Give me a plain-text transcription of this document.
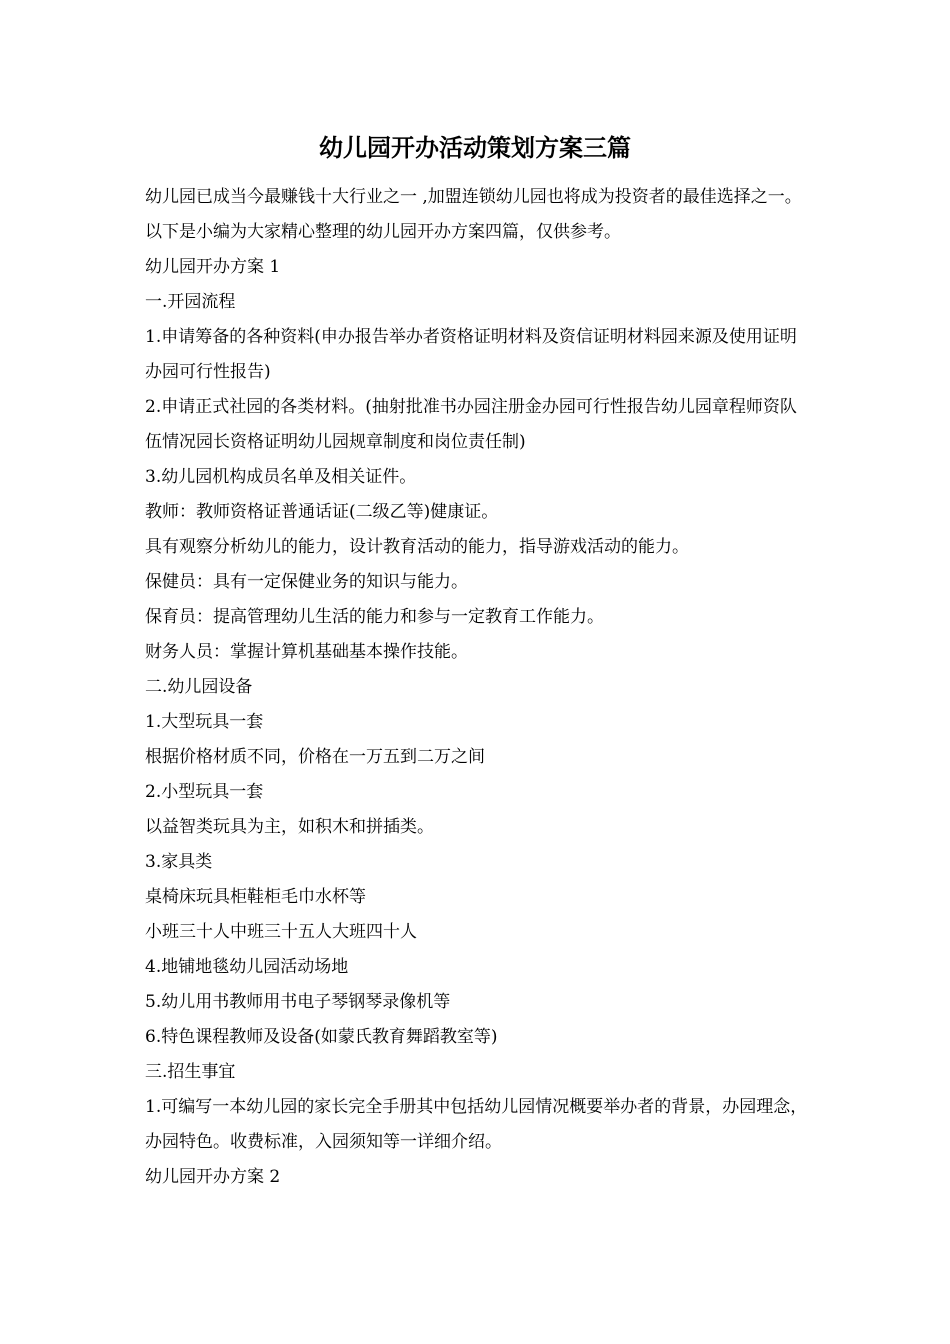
幼儿园开办活动策划方案三篇

幼儿园已成当今最赚钱十大行业之一 ,加盟连锁幼儿园也将成为投资者的最佳选择之一。以下是小编为大家精心整理的幼儿园开办方案四篇，仅供参考。

幼儿园开办方案 1

一.开园流程

1.申请筹备的各种资料(申办报告举办者资格证明材料及资信证明材料园来源及使用证明办园可行性报告)

2.申请正式社园的各类材料。(抽射批准书办园注册金办园可行性报告幼儿园章程师资队伍情况园长资格证明幼儿园规章制度和岗位责任制)

3.幼儿园机构成员名单及相关证件。

教师：教师资格证普通话证(二级乙等)健康证。

具有观察分析幼儿的能力，设计教育活动的能力，指导游戏活动的能力。

保健员：具有一定保健业务的知识与能力。

保育员：提高管理幼儿生活的能力和参与一定教育工作能力。

财务人员：掌握计算机基础基本操作技能。

二.幼儿园设备

1.大型玩具一套

根据价格材质不同，价格在一万五到二万之间

2.小型玩具一套

以益智类玩具为主，如积木和拼插类。

3.家具类

桌椅床玩具柜鞋柜毛巾水杯等

小班三十人中班三十五人大班四十人

4.地铺地毯幼儿园活动场地

5.幼儿用书教师用书电子琴钢琴录像机等

6.特色课程教师及设备(如蒙氏教育舞蹈教室等)

三.招生事宜

1.可编写一本幼儿园的家长完全手册其中包括幼儿园情况概要举办者的背景，办园理念，办园特色。收费标准，入园须知等一详细介绍。

幼儿园开办方案 2
